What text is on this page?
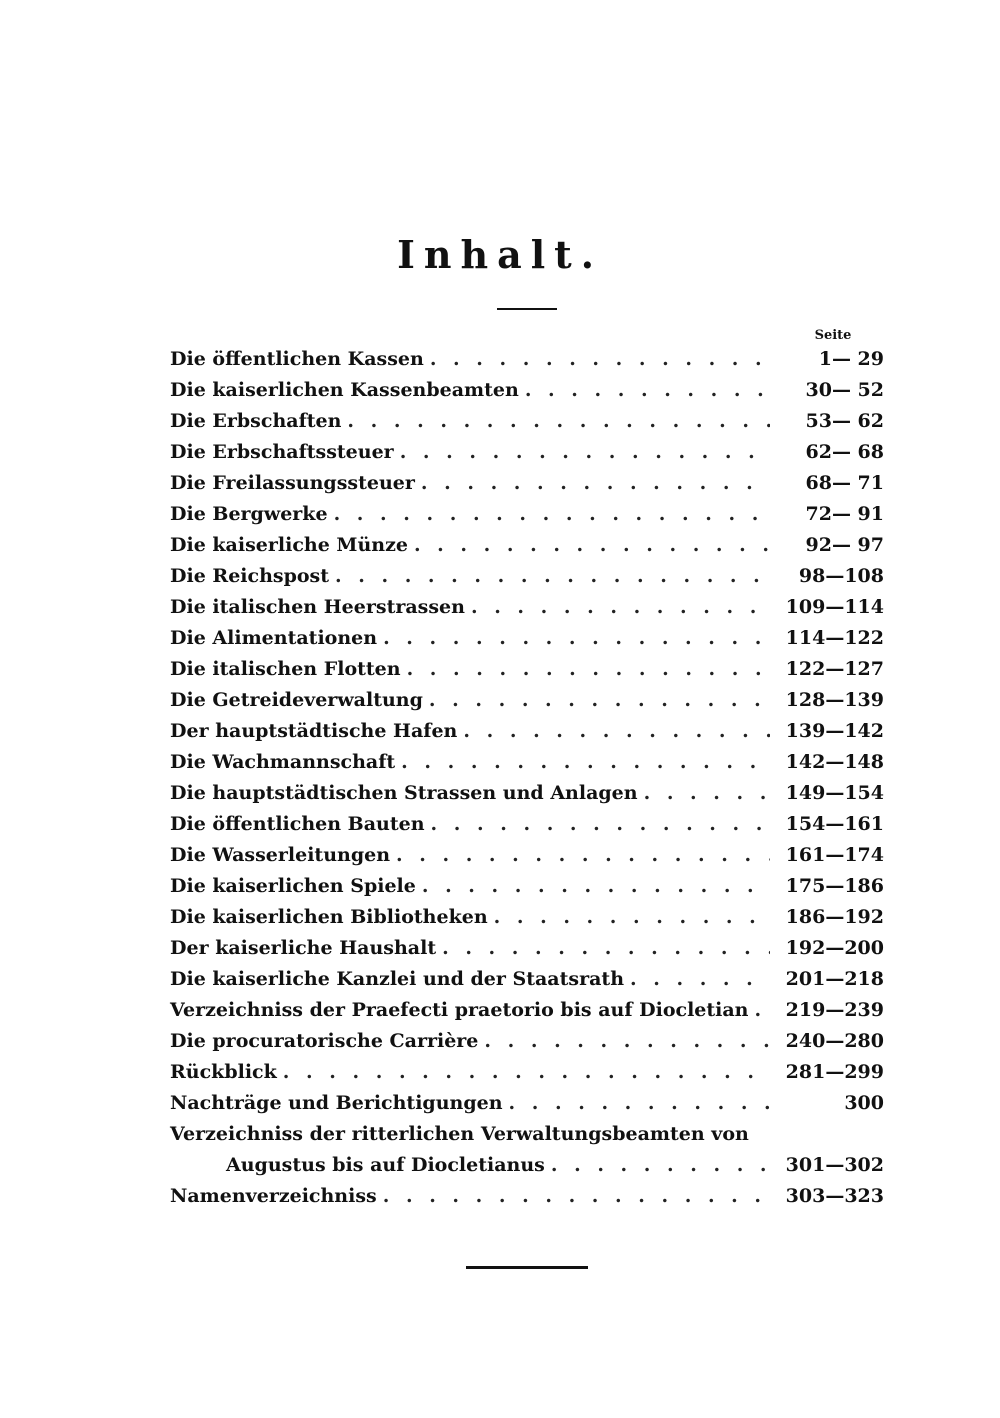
Inhalt.
Seite
Die öffentlichen Kassen . . .	1— 29
Die kaiserlichen Kassenbeamten . . .	30— 52
Die Erbschaften . . .	53— 62
Die Erbschaftssteuer . . .	62— 68
Die Freilassungssteuer . . .	68— 71
Die Bergwerke . . .	72— 91
Die kaiserliche Münze . . .	92— 97
Die Reichspost . . .	98—108
Die italischen Heerstrassen . . .	109—114
Die Alimentationen . . .	114—122
Die italischen Flotten . . .	122—127
Die Getreideverwaltung . . .	128—139
Der hauptstädtische Hafen . . .	139—142
Die Wachmannschaft . . .	142—148
Die hauptstädtischen Strassen und Anlagen . . .	149—154
Die öffentlichen Bauten . . .	154—161
Die Wasserleitungen . . .	161—174
Die kaiserlichen Spiele . . .	175—186
Die kaiserlichen Bibliotheken . . .	186—192
Der kaiserliche Haushalt . . .	192—200
Die kaiserliche Kanzlei und der Staatsrath . . .	201—218
Verzeichniss der Praefecti praetorio bis auf Diocletian . . .	219—239
Die procuratorische Carrière . . .	240—280
Rückblick . . .	281—299
Nachträge und Berichtigungen . . .	300
Verzeichniss der ritterlichen Verwaltungsbeamten von
Augustus bis auf Diocletianus . . .	301—302
Namenverzeichniss . . .	303—323
